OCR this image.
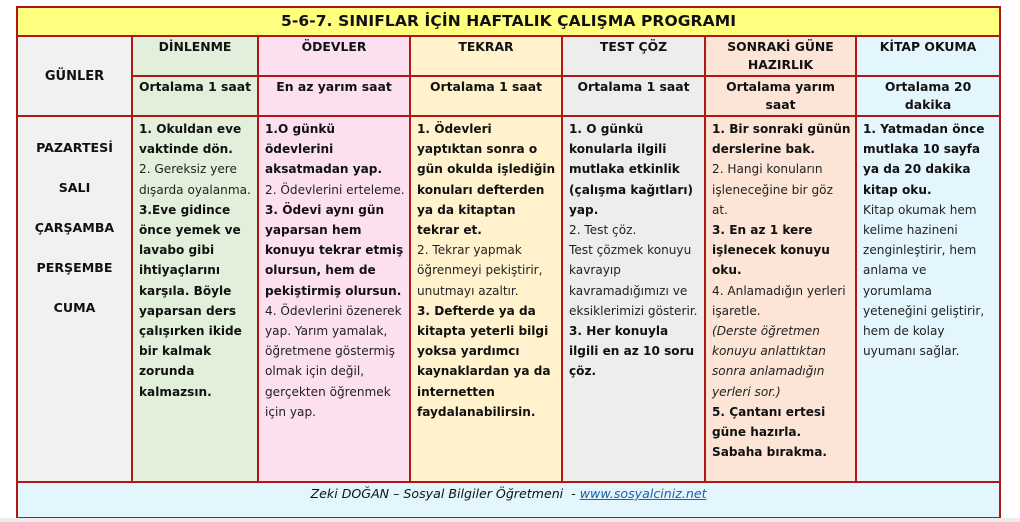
5-6-7. SINIFLAR İÇİN HAFTALIK ÇALIŞMA PROGRAMI						
GÜNLER	DİNLENME	ÖDEVLER	TEKRAR	TEST ÇÖZ	SONRAKİ GÜNE HAZIRLIK	KİTAP OKUMA
	Ortalama 1 saat	En az yarım saat	Ortalama 1 saat	Ortalama 1 saat	Ortalama yarım saat	Ortalama 20 dakika

PAZARTESİ
SALI
ÇARŞAMBA
PERŞEMBE
CUMA

1. Okuldan eve vaktinde dön.
2. Gereksiz yere dışarda oyalanma.
3.Eve gidince önce yemek ve lavabo gibi ihtiyaçlarını karşıla. Böyle yaparsan ders çalışırken ikide bir kalmak zorunda kalmazsın.

1.O günkü ödevlerini aksatmadan yap.
2. Ödevlerini erteleme.
3. Ödevi aynı gün yaparsan hem konuyu tekrar etmiş olursun, hem de pekiştirmiş olursun.
4. Ödevlerini özenerek yap. Yarım yamalak, öğretmene göstermiş olmak için değil, gerçekten öğrenmek için yap.

1. Ödevleri yaptıktan sonra o gün okulda işlediğin konuları defterden ya da kitaptan tekrar et.
2. Tekrar yapmak öğrenmeyi pekiştirir, unutmayı azaltır.
3. Defterde ya da kitapta yeterli bilgi yoksa yardımcı kaynaklardan ya da internetten faydalanabilirsin.

1. O günkü konularla ilgili mutlaka etkinlik (çalışma kağıtları) yap.
2. Test çöz.
Test çözmek konuyu kavrayıp kavramadığımızı ve eksiklerimizi gösterir.
3. Her konuyla ilgili en az 10 soru çöz.

1. Bir sonraki günün derslerine bak.
2. Hangi konuların işleneceğine bir göz at.
3. En az 1 kere işlenecek konuyu oku.
4. Anlamadığın yerleri işaretle.
(Derste öğretmen konuyu anlattıktan sonra anlamadığın yerleri sor.)
5. Çantanı ertesi güne hazırla. Sabaha bırakma.

1. Yatmadan önce mutlaka 10 sayfa ya da 20 dakika kitap oku.
Kitap okumak hem kelime hazineni zenginleştirir, hem anlama ve yorumlama yeteneğini geliştirir, hem de kolay uyumanı sağlar.

Zeki DOĞAN – Sosyal Bilgiler Öğretmeni  - www.sosyalciniz.net						
